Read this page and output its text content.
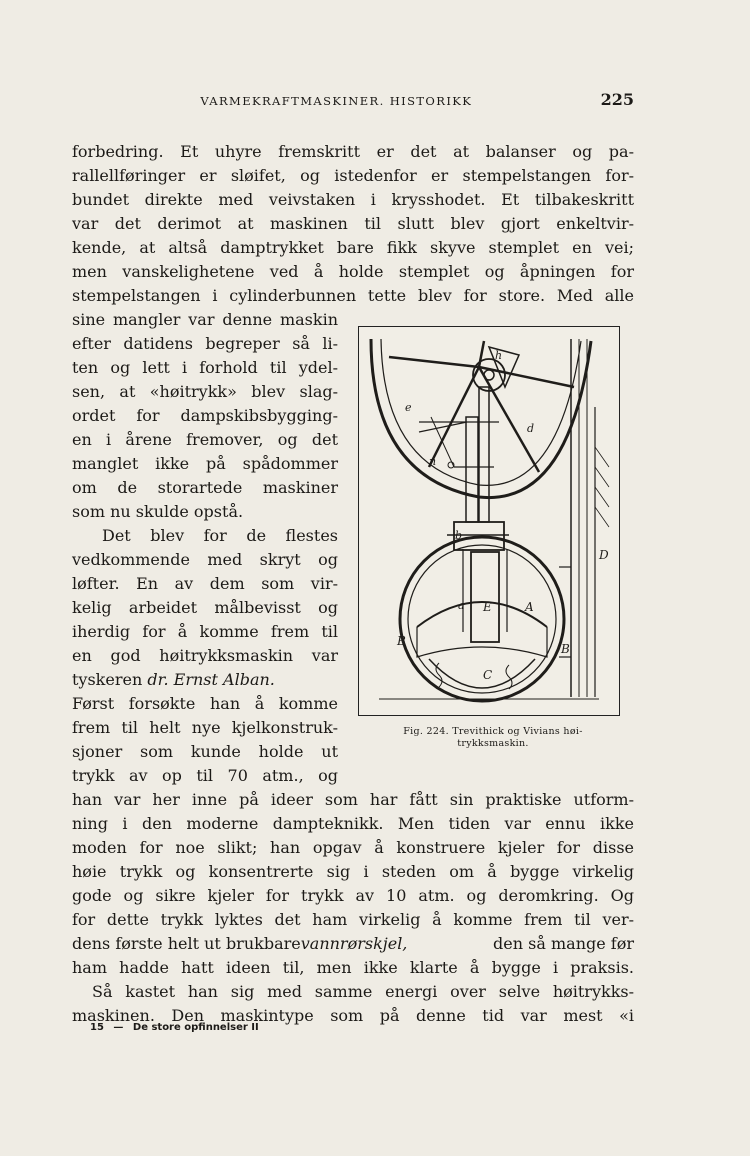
VARMEKRAFTMASKINER. HISTORIKK	225
forbedring. Et uhyre fremskritt er det at balanser og pa-
rallellføringer er sløifet, og istedenfor er stempelstangen for-
bundet direkte med veivstaken i krysshodet. Et tilbakeskritt
var det derimot at maskinen til slutt blev gjort enkeltvir-
kende, at altså damptrykket bare fikk skyve stemplet en vei;
men vanskelighetene ved å holde stemplet og åpningen for
stempelstangen i cylinderbunnen tette blev for store. Med alle
sine mangler var denne maskin
efter datidens begreper så li-
ten og lett i forhold til ydel-
sen, at «høitrykk» blev slag-
ordet for dampskibsbygging-
en i årene fremover, og det
manglet ikke på spådommer
om de storartede maskiner
som nu skulde opstå.
Det blev for de flestes
vedkommende med skryt og
løfter. En av dem som vir-
kelig arbeidet målbevisst og
iherdig for å komme frem til
en god høitrykksmaskin var
tyskeren dr. Ernst Alban.
Først forsøkte han å komme
frem til helt nye kjelkonstruk-
sjoner som kunde holde ut
trykk av op til 70 atm., og
han var her inne på ideer som har fått sin praktiske utform-
ning i den moderne dampteknikk. Men tiden var ennu ikke
moden for noe slikt; han opgav å konstruere kjeler for disse
høie trykk og konsentrerte sig i steden om å bygge virkelig
gode og sikre kjeler for trykk av 10 atm. og deromkring. Og
for dette trykk lyktes det ham virkelig å komme frem til ver-
dens første helt ut brukbare vannrørskjel,	den så mange før
ham hadde hatt ideen til, men ikke klarte å bygge i praksis.
Så kastet han sig med samme energi over selve høitrykks-
maskinen. Den maskintype som på denne tid var mest «i
h
e
d
n
b
a E	A
B
B
C
D
Fig. 224. Trevithick og Vivians høi-
trykksmaskin.
15 — De store opfinnelser II
